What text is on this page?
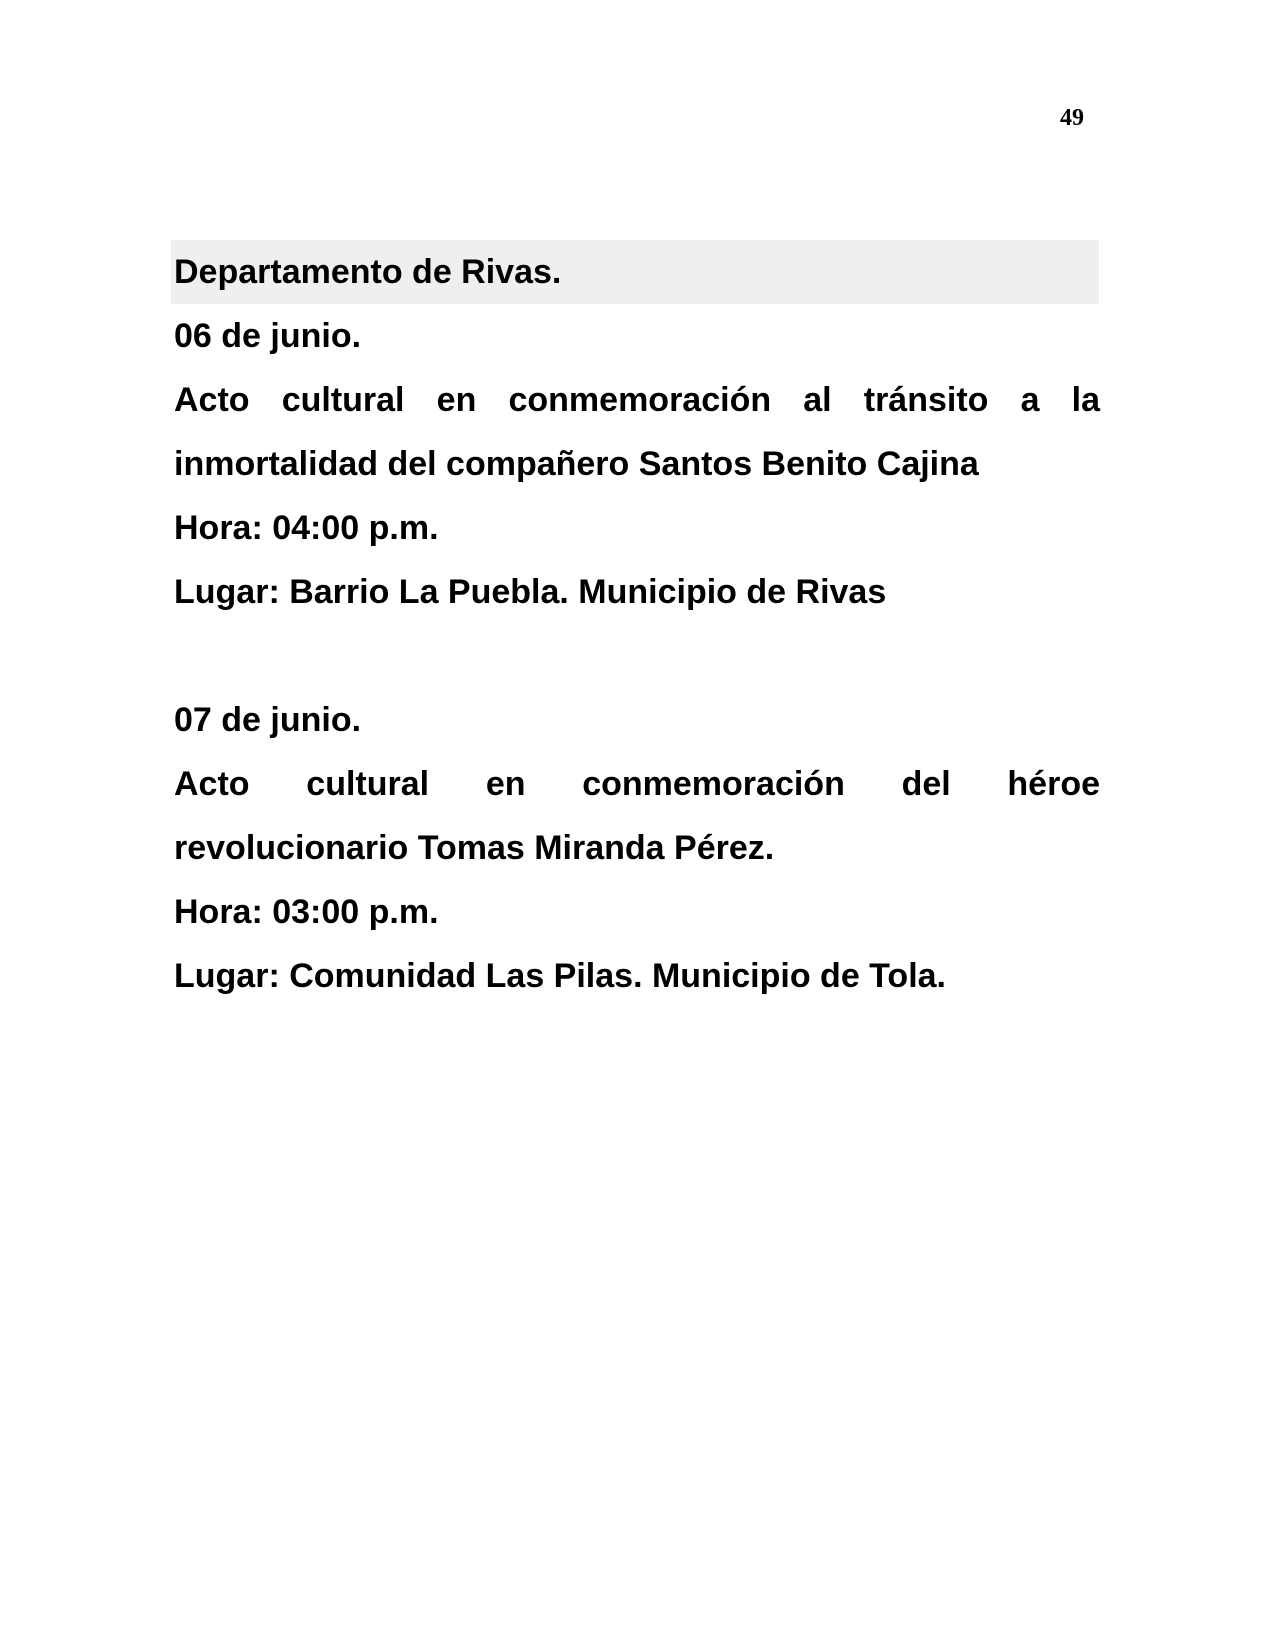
49
Departamento de Rivas.
06 de junio.
Acto cultural en conmemoración al tránsito a la
inmortalidad del compañero Santos Benito Cajina
Hora: 04:00 p.m.
Lugar: Barrio La Puebla. Municipio de Rivas
07 de junio.
Acto cultural en conmemoración del héroe
revolucionario Tomas Miranda Pérez.
Hora: 03:00 p.m.
Lugar: Comunidad Las Pilas. Municipio de Tola.
